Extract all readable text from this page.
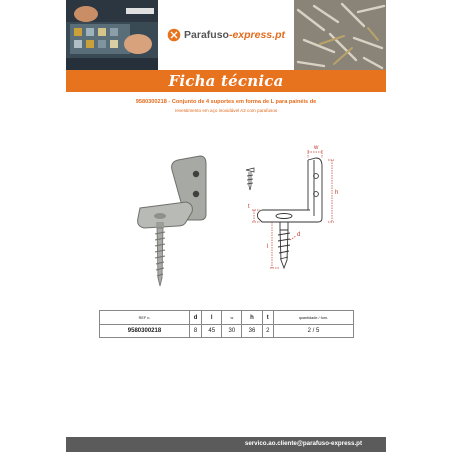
Parafuso-express.pt
Ficha técnica
9580300218 - Conjunto de 4 suportes em forma de L para painéis de
revestimento em aço inoxidável A2 com parafusos
w
h
t
l
d
REF n.	d	l	w	h	t	quantidade / forn.
9580300218	8	45	30	36	2	2 / 5
servico.ao.cliente@parafuso-express.pt
